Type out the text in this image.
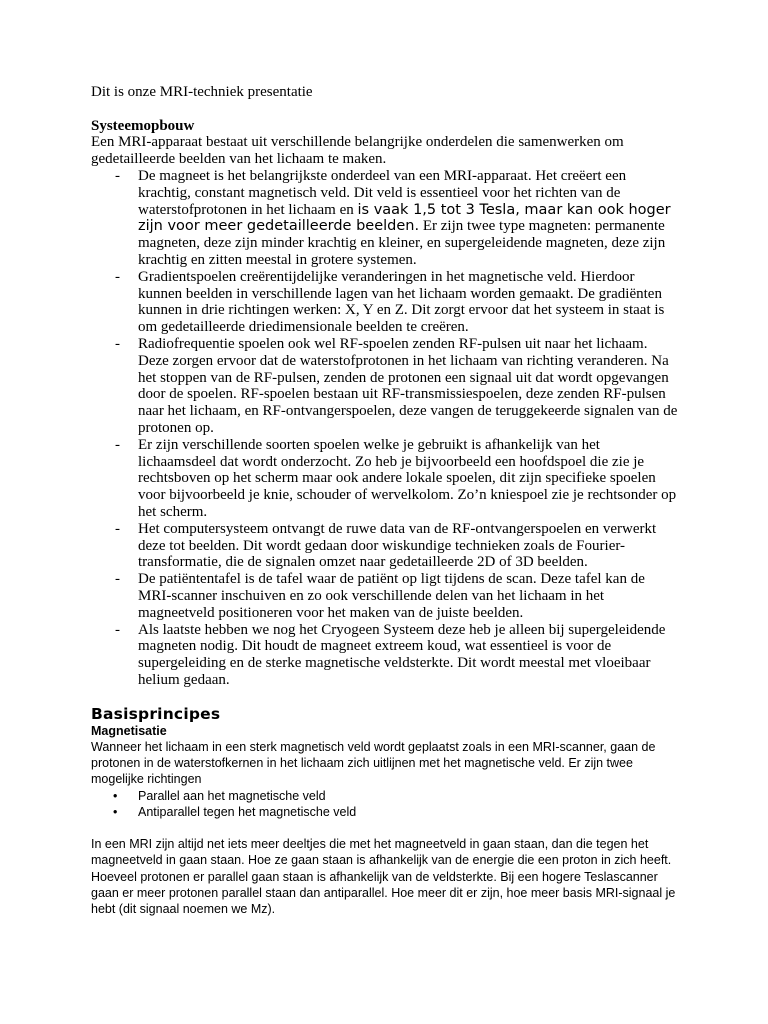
Dit is onze MRI-techniek presentatie

Systeemopbouw

Een MRI-apparaat bestaat uit verschillende belangrijke onderdelen die samenwerken om gedetailleerde beelden van het lichaam te maken.

- De magneet is het belangrijkste onderdeel van een MRI-apparaat. Het creëert een krachtig, constant magnetisch veld. Dit veld is essentieel voor het richten van de waterstofprotonen in het lichaam en is vaak 1,5 tot 3 Tesla, maar kan ook hoger zijn voor meer gedetailleerde beelden. Er zijn twee type magneten: permanente magneten, deze zijn minder krachtig en kleiner, en supergeleidende magneten, deze zijn krachtig en zitten meestal in grotere systemen.
- Gradientspoelen creërentijdelijke veranderingen in het magnetische veld. Hierdoor kunnen beelden in verschillende lagen van het lichaam worden gemaakt. De gradiënten kunnen in drie richtingen werken: X, Y en Z. Dit zorgt ervoor dat het systeem in staat is om gedetailleerde driedimensionale beelden te creëren.
- Radiofrequentie spoelen ook wel RF-spoelen zenden RF-pulsen uit naar het lichaam. Deze zorgen ervoor dat de waterstofprotonen in het lichaam van richting veranderen. Na het stoppen van de RF-pulsen, zenden de protonen een signaal uit dat wordt opgevangen door de spoelen. RF-spoelen bestaan uit RF-transmissiespoelen, deze zenden RF-pulsen naar het lichaam, en RF-ontvangerspoelen, deze vangen de teruggekeerde signalen van de protonen op.
- Er zijn verschillende soorten spoelen welke je gebruikt is afhankelijk van het lichaamsdeel dat wordt onderzocht. Zo heb je bijvoorbeeld een hoofdspoel die zie je rechtsboven op het scherm maar ook andere lokale spoelen, dit zijn specifieke spoelen voor bijvoorbeeld je knie, schouder of wervelkolom. Zo’n kniespoel zie je rechtsonder op het scherm.
- Het computersysteem ontvangt de ruwe data van de RF-ontvangerspoelen en verwerkt deze tot beelden. Dit wordt gedaan door wiskundige technieken zoals de Fourier-transformatie, die de signalen omzet naar gedetailleerde 2D of 3D beelden.
- De patiëntentafel is de tafel waar de patiënt op ligt tijdens de scan. Deze tafel kan de MRI-scanner inschuiven en zo ook verschillende delen van het lichaam in het magneetveld positioneren voor het maken van de juiste beelden.
- Als laatste hebben we nog het Cryogeen Systeem deze heb je alleen bij supergeleidende magneten nodig. Dit houdt de magneet extreem koud, wat essentieel is voor de supergeleiding en de sterke magnetische veldsterkte. Dit wordt meestal met vloeibaar helium gedaan.
Basisprincipes

Magnetisatie

Wanneer het lichaam in een sterk magnetisch veld wordt geplaatst zoals in een MRI-scanner, gaan de protonen in de waterstofkernen in het lichaam zich uitlijnen met het magnetische veld. Er zijn twee mogelijke richtingen

• Parallel aan het magnetische veld
• Antiparallel tegen het magnetische veld

In een MRI zijn altijd net iets meer deeltjes die met het magneetveld in gaan staan, dan die tegen het magneetveld in gaan staan. Hoe ze gaan staan is afhankelijk van de energie die een proton in zich heeft. Hoeveel protonen er parallel gaan staan is afhankelijk van de veldsterkte. Bij een hogere Teslascanner gaan er meer protonen parallel staan dan antiparallel. Hoe meer dit er zijn, hoe meer basis MRI-signaal je hebt (dit signaal noemen we Mz).
